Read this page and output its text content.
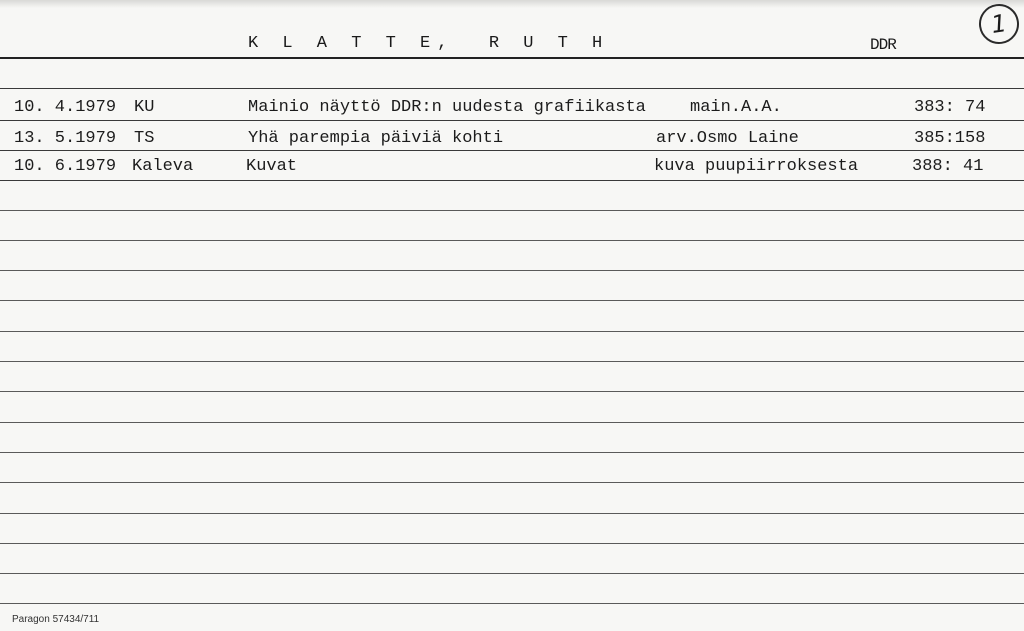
K L A T T E,  R U T H	DDR
1
10. 4.1979 KU	Mainio näyttö DDR:n uudesta grafiikasta	main.A.A.	383: 74
13. 5.1979 TS	Yhä parempia päiviä kohti	arv.Osmo Laine	385:158
10. 6.1979 Kaleva	Kuvat	kuva puupiirroksesta	388: 41
Paragon 57434/711
